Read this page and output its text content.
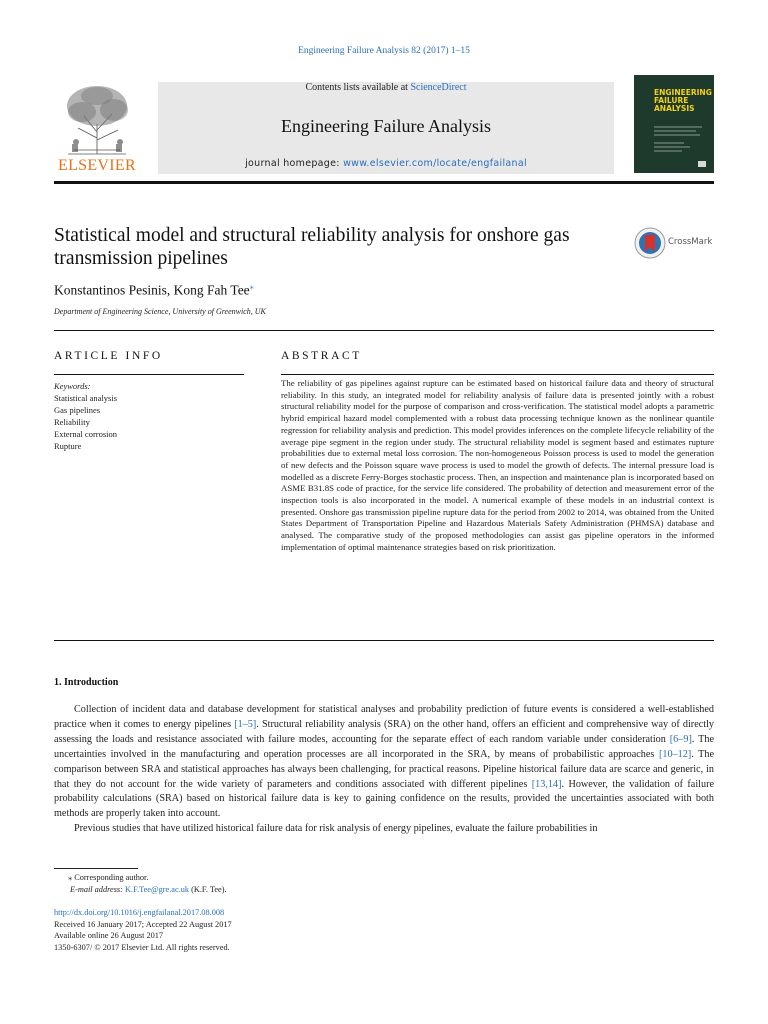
Engineering Failure Analysis 82 (2017) 1–15
ELSEVIER
Contents lists available at ScienceDirect
Engineering Failure Analysis
journal homepage: www.elsevier.com/locate/engfailanal
ENGINEERING
FAILURE
ANALYSIS
Statistical model and structural reliability analysis for onshore gas transmission pipelines
CrossMark
Konstantinos Pesinis, Kong Fah Tee⁎
Department of Engineering Science, University of Greenwich, UK
ARTICLE INFO	ABSTRACT
Keywords:
Statistical analysis
Gas pipelines
Reliability
External corrosion
Rupture
The reliability of gas pipelines against rupture can be estimated based on historical failure data and theory of structural reliability. In this study, an integrated model for reliability analysis of failure data is presented jointly with a robust structural reliability model for the purpose of comparison and cross-verification. The statistical model adopts a parametric hybrid empirical hazard model complemented with a robust data processing technique known as the nonlinear quantile regression for reliability analysis and prediction. This model provides inferences on the complete lifecycle reliability of the average pipe segment in the region under study. The structural reliability model is segment based and estimates rupture probabilities due to external metal loss corrosion. The non-homogeneous Poisson process is used to model the generation of new defects and the Poisson square wave process is used to model the growth of defects. The internal pressure load is modelled as a discrete Ferry-Borges stochastic process. Then, an inspection and maintenance plan is incorporated based on ASME B31.8S code of practice, for the service life considered. The probability of detection and measurement error of the inspection tools is also incorporated in the model. A numerical example of these models in an industrial context is presented. Onshore gas transmission pipeline rupture data for the period from 2002 to 2014, was obtained from the United States Department of Transportation Pipeline and Hazardous Materials Safety Administration (PHMSA) database and analysed. The comparative study of the proposed methodologies can assist gas pipeline operators in the informed implementation of optimal maintenance strategies based on risk prioritization.
1. Introduction

Collection of incident data and database development for statistical analyses and probability prediction of future events is considered a well-established practice when it comes to energy pipelines [1–5]. Structural reliability analysis (SRA) on the other hand, offers an efficient and comprehensive way of directly assessing the loads and resistance associated with failure modes, accounting for the separate effect of each random variable under consideration [6–9]. The uncertainties involved in the manufacturing and operation processes are all incorporated in the SRA, by means of probabilistic approaches [10–12]. The comparison between SRA and statistical approaches has always been challenging, for practical reasons. Pipeline historical failure data are scarce and generic, in that they do not account for the wide variety of parameters and conditions associated with different pipelines [13,14]. However, the validation of failure probability calculations (SRA) based on historical failure data is key to gaining confidence on the results, provided the uncertainties associated with both methods are properly taken into account.

Previous studies that have utilized historical failure data for risk analysis of energy pipelines, evaluate the failure probabilities in

⁎ Corresponding author.
E-mail address: K.F.Tee@gre.ac.uk (K.F. Tee).
http://dx.doi.org/10.1016/j.engfailanal.2017.08.008
Received 16 January 2017; Accepted 22 August 2017
Available online 26 August 2017
1350-6307/ © 2017 Elsevier Ltd. All rights reserved.
